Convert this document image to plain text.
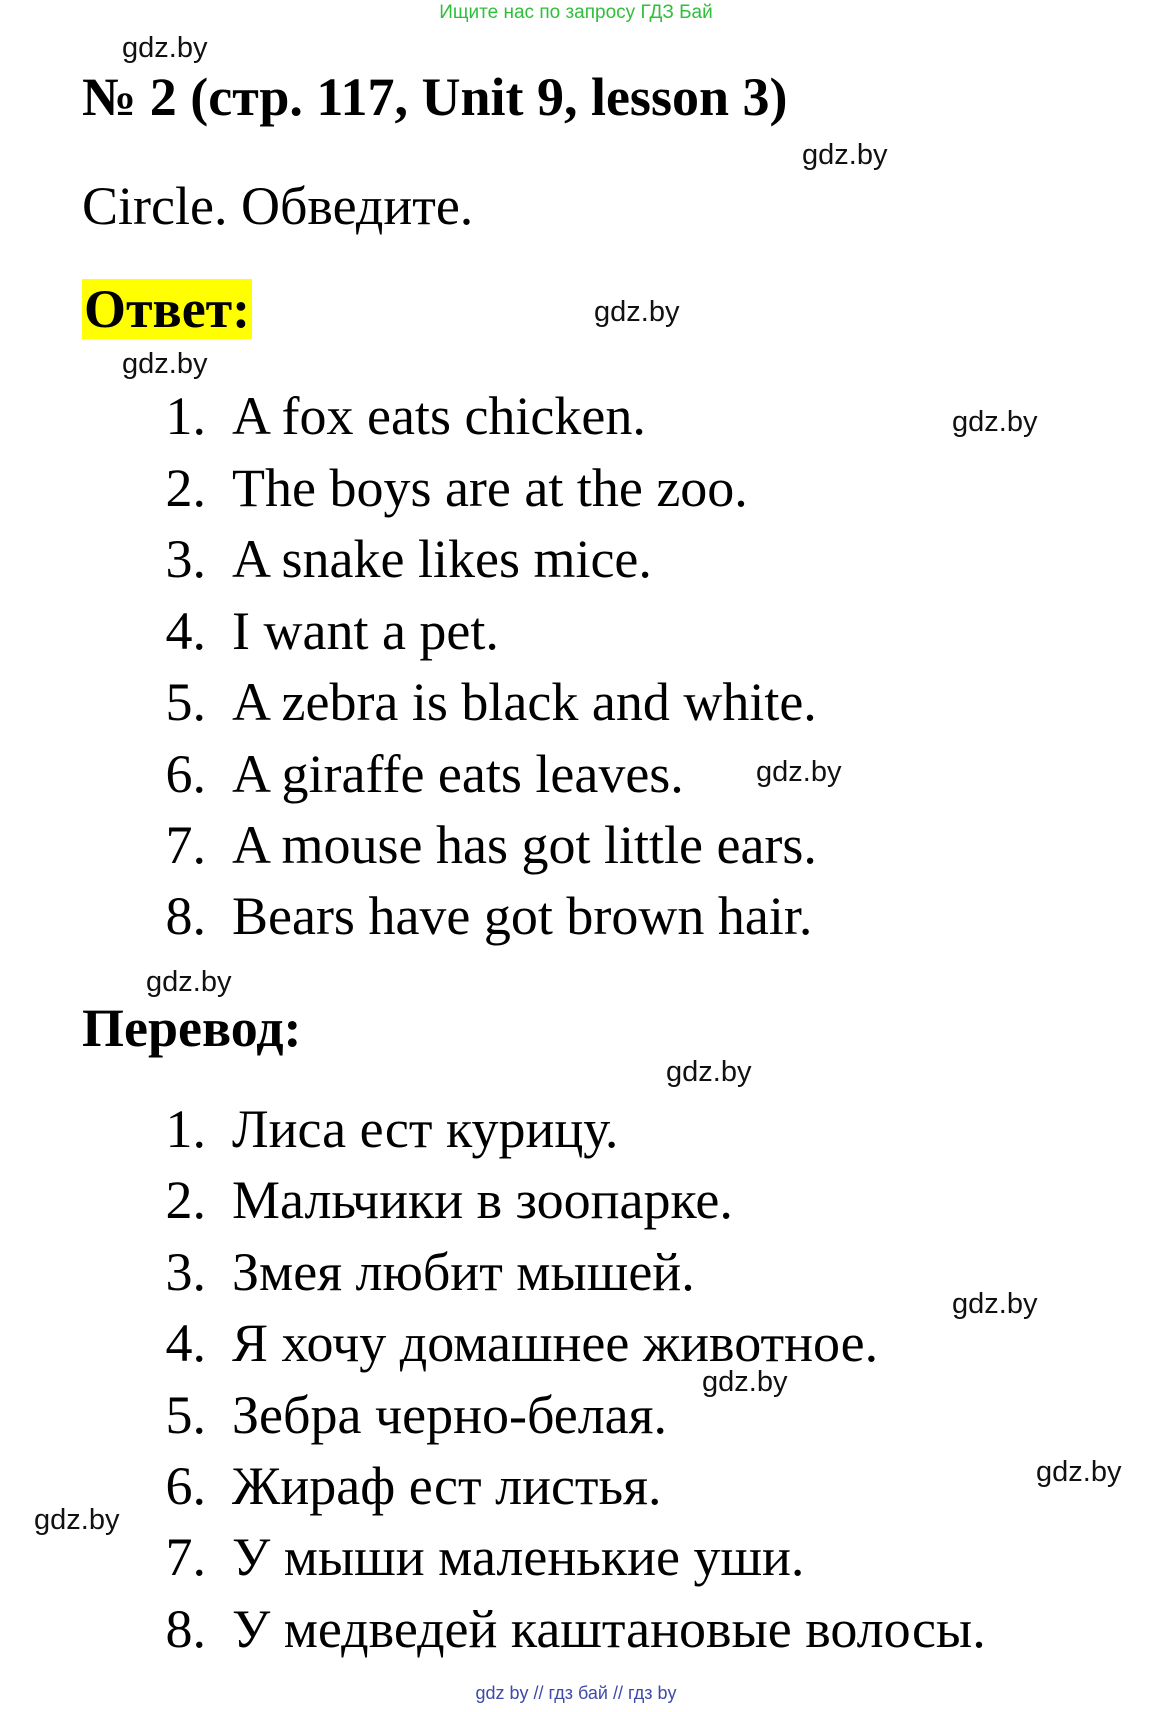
Ищите нас по запросу ГДЗ Бай
gdz.by
gdz.by
gdz.by
gdz.by
gdz.by
gdz.by
gdz.by
gdz.by
gdz.by
gdz.by
gdz.by
gdz.by
№ 2 (стр. 117, Unit 9, lesson 3)
Circle. Обведите.
Ответ:
1. A fox eats chicken.
2. The boys are at the zoo.
3. A snake likes mice.
4. I want a pet.
5. A zebra is black and white.
6. A giraffe eats leaves.
7. A mouse has got little ears.
8. Bears have got brown hair.
Перевод:
1. Лиса ест курицу.
2. Мальчики в зоопарке.
3. Змея любит мышей.
4. Я хочу домашнее животное.
5. Зебра черно-белая.
6. Жираф ест листья.
7. У мыши маленькие уши.
8. У медведей каштановые волосы.
gdz by // гдз бай // гдз by
